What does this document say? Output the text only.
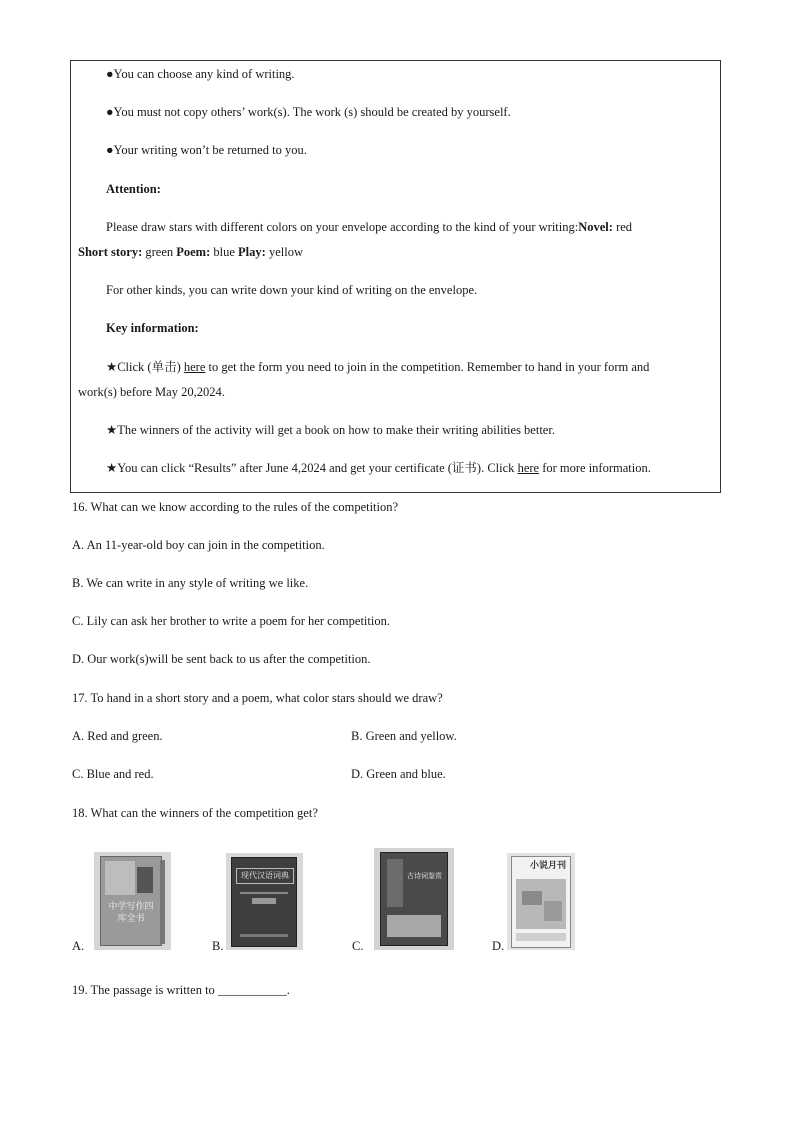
●You can choose any kind of writing.
●You must not copy others’ work(s). The work (s) should be created by yourself.
●Your writing won’t be returned to you.
Attention:
Please draw stars with different colors on your envelope according to the kind of your writing:Novel: red
Short story: green Poem: blue Play: yellow
For other kinds, you can write down your kind of writing on the envelope.
Key information:
★Click (单击) here to get the form you need to join in the competition. Remember to hand in your form and
work(s) before May 20,2024.
★The winners of the activity will get a book on how to make their writing abilities better.
★You can click “Results” after June 4,2024 and get your certificate (证书). Click here for more information.
16. What can we know according to the rules of the competition?
A. An 11-year-old boy can join in the competition.
B. We can write in any style of writing we like.
C. Lily can ask her brother to write a poem for her competition.
D. Our work(s)will be sent back to us after the competition.
17. To hand in a short story and a poem, what color stars should we draw?
A. Red and green.	B. Green and yellow.
C. Blue and red.	D. Green and blue.
18. What can the winners of the competition get?
A.
中学写作四库全书
B.
现代汉语词典
C.
古诗词鉴赏
D.
小说月刊
19. The passage is written to ___________.
